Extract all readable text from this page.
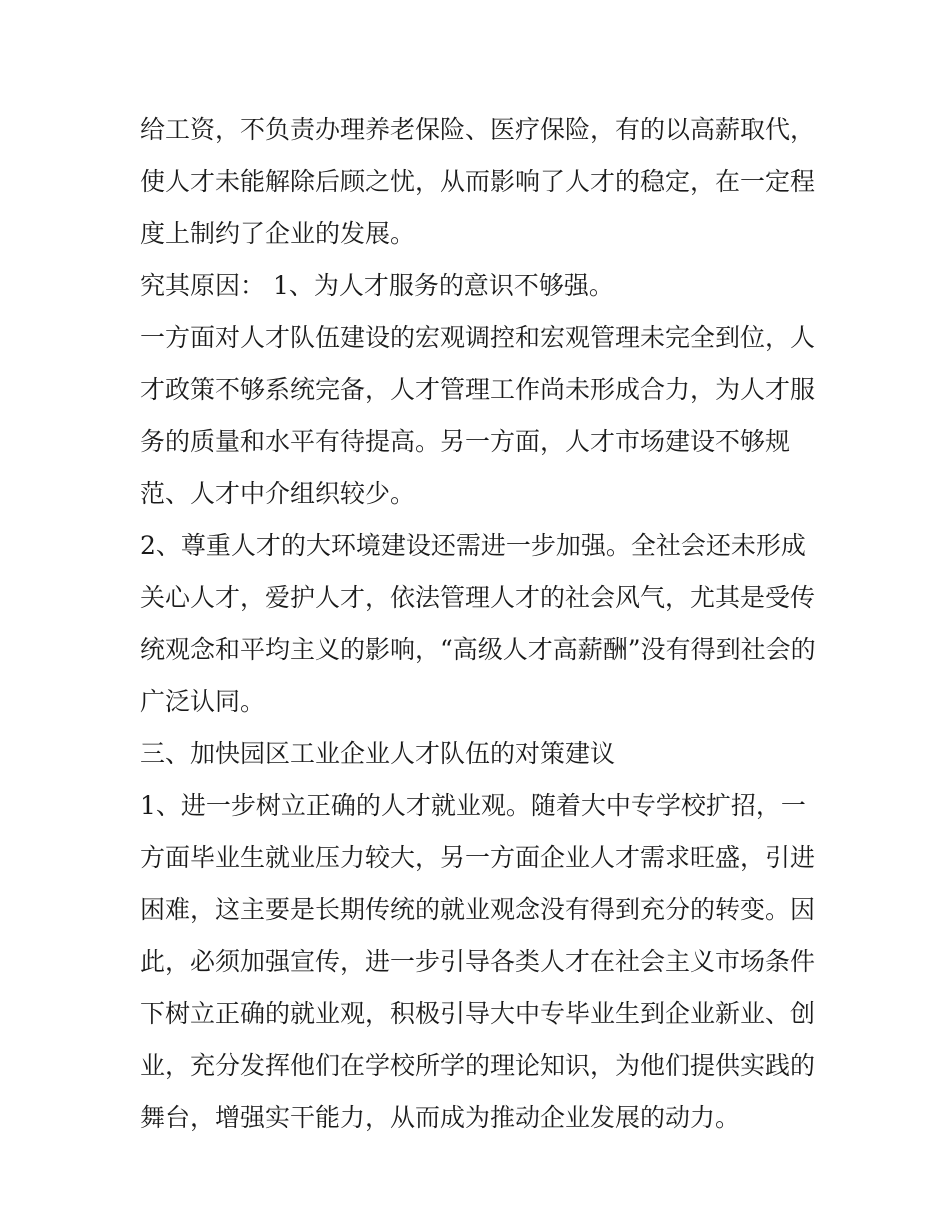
给工资，不负责办理养老保险、医疗保险，有的以高薪取代，

使人才未能解除后顾之忧，从而影响了人才的稳定，在一定程

度上制约了企业的发展。

究其原因： 1、为人才服务的意识不够强。

一方面对人才队伍建设的宏观调控和宏观管理未完全到位，人

才政策不够系统完备，人才管理工作尚未形成合力，为人才服

务的质量和水平有待提高。另一方面，人才市场建设不够规

范、人才中介组织较少。

2、尊重人才的大环境建设还需进一步加强。全社会还未形成

关心人才，爱护人才，依法管理人才的社会风气，尤其是受传

统观念和平均主义的影响，“高级人才高薪酬”没有得到社会的

广泛认同。

三、加快园区工业企业人才队伍的对策建议

1、进一步树立正确的人才就业观。随着大中专学校扩招，一

方面毕业生就业压力较大，另一方面企业人才需求旺盛，引进

困难，这主要是长期传统的就业观念没有得到充分的转变。因

此，必须加强宣传，进一步引导各类人才在社会主义市场条件

下树立正确的就业观，积极引导大中专毕业生到企业新业、创

业，充分发挥他们在学校所学的理论知识，为他们提供实践的

舞台，增强实干能力，从而成为推动企业发展的动力。
